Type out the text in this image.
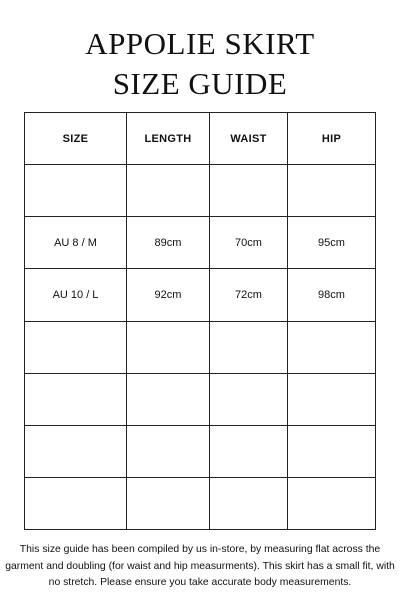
APPOLIE SKIRT
SIZE GUIDE
SIZE	LENGTH	WAIST	HIP

AU 8 / M	89cm	70cm	95cm
AU 10 / L	92cm	72cm	98cm

This size guide has been compiled by us in-store, by measuring flat across the garment and doubling (for waist and hip measurments). This skirt has a small fit, with no stretch. Please ensure you take accurate body measurements.
